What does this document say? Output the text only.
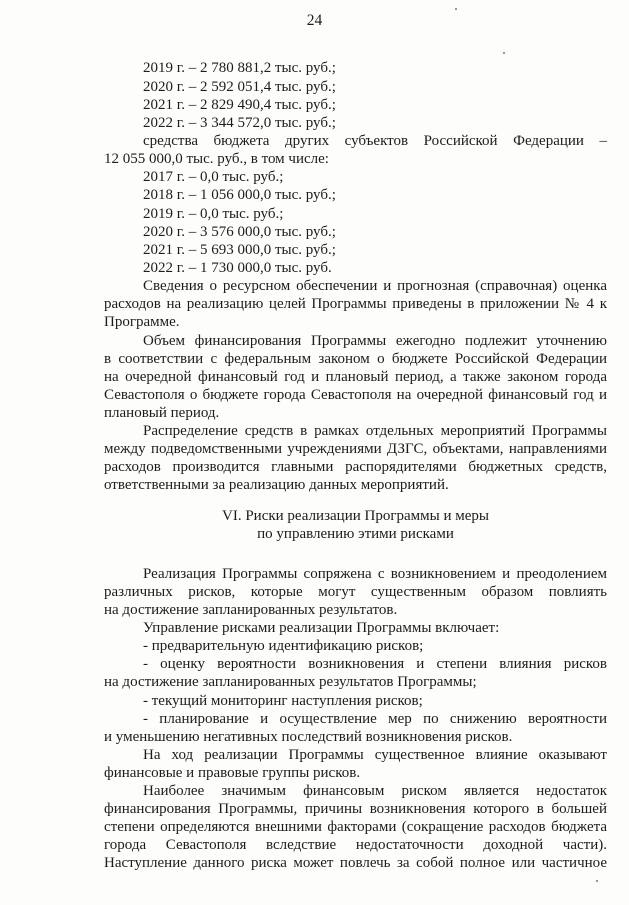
24
2019 г. – 2 780 881,2 тыс. руб.;
2020 г. – 2 592 051,4 тыс. руб.;
2021 г. – 2 829 490,4 тыс. руб.;
2022 г. – 3 344 572,0 тыс. руб.;
средства бюджета других субъектов Российской Федерации –
12 055 000,0 тыс. руб., в том числе:
2017 г. – 0,0 тыс. руб.;
2018 г. – 1 056 000,0 тыс. руб.;
2019 г. – 0,0 тыс. руб.;
2020 г. – 3 576 000,0 тыс. руб.;
2021 г. – 5 693 000,0 тыс. руб.;
2022 г. – 1 730 000,0 тыс. руб.
Сведения о ресурсном обеспечении и прогнозная (справочная) оценка
расходов на реализацию целей Программы приведены в приложении № 4 к
Программе.
Объем финансирования Программы ежегодно подлежит уточнению
в соответствии с федеральным законом о бюджете Российской Федерации
на очередной финансовый год и плановый период, а также законом города
Севастополя о бюджете города Севастополя на очередной финансовый год и
плановый период.
Распределение средств в рамках отдельных мероприятий Программы
между подведомственными учреждениями ДЗГС, объектами, направлениями
расходов производится главными распорядителями бюджетных средств,
ответственными за реализацию данных мероприятий.
VI. Риски реализации Программы и меры
по управлению этими рисками
Реализация Программы сопряжена с возникновением и преодолением
различных рисков, которые могут существенным образом повлиять
на достижение запланированных результатов.
Управление рисками реализации Программы включает:
- предварительную идентификацию рисков;
- оценку вероятности возникновения и степени влияния рисков
на достижение запланированных результатов Программы;
- текущий мониторинг наступления рисков;
- планирование и осуществление мер по снижению вероятности
и уменьшению негативных последствий возникновения рисков.
На ход реализации Программы существенное влияние оказывают
финансовые и правовые группы рисков.
Наиболее значимым финансовым риском является недостаток
финансирования Программы, причины возникновения которого в большей
степени определяются внешними факторами (сокращение расходов бюджета
города Севастополя вследствие недостаточности доходной части).
Наступление данного риска может повлечь за собой полное или частичное
